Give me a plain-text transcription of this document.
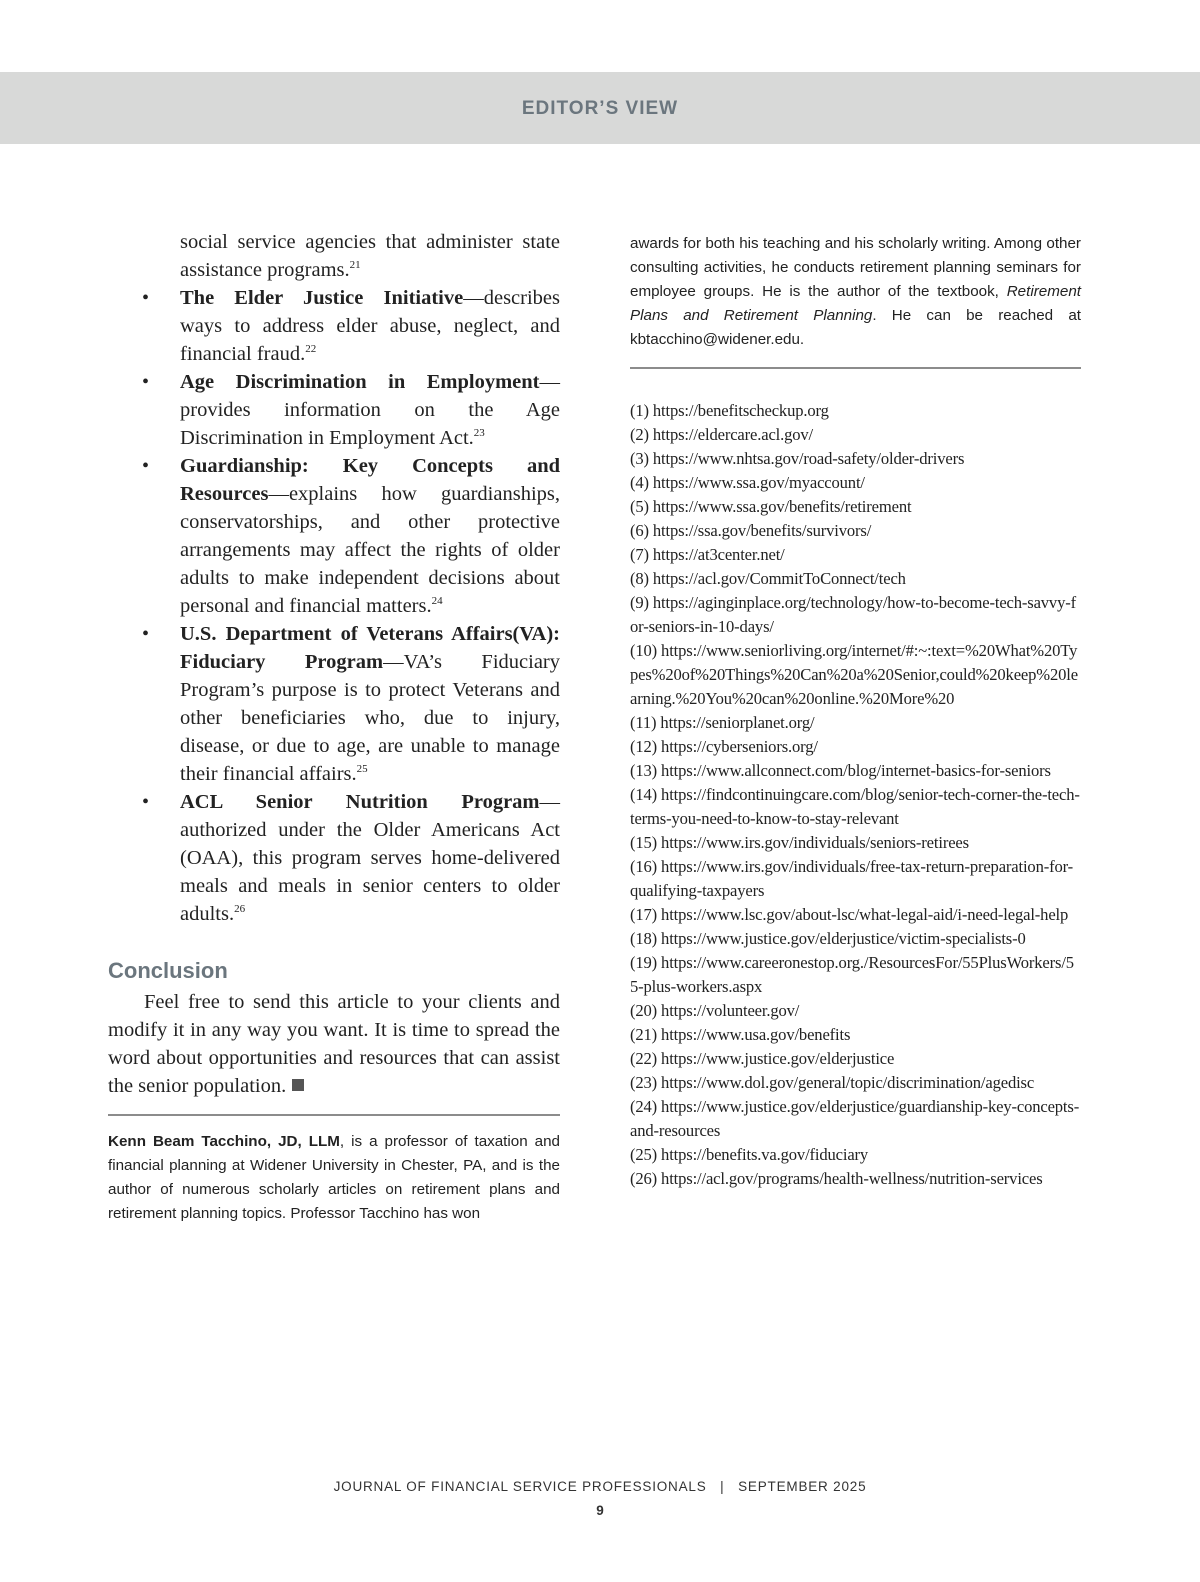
EDITOR’S VIEW
social service agencies that administer state assistance programs.$^{21}$
• The Elder Justice Initiative—describes ways to address elder abuse, neglect, and financial fraud.$^{22}$
• Age Discrimination in Employment—provides information on the Age Discrimination in Employment Act.$^{23}$
• Guardianship: Key Concepts and Resources—explains how guardianships, conservatorships, and other protective arrangements may affect the rights of older adults to make independent decisions about personal and financial matters.$^{24}$
• U.S. Department of Veterans Affairs(VA): Fiduciary Program—VA’s Fiduciary Program’s purpose is to protect Veterans and other beneficiaries who, due to injury, disease, or due to age, are unable to manage their financial affairs.$^{25}$
• ACL Senior Nutrition Program—authorized under the Older Americans Act (OAA), this program serves home-delivered meals and meals in senior centers to older adults.$^{26}$
Conclusion

Feel free to send this article to your clients and modify it in any way you want. It is time to spread the word about opportunities and resources that can assist the senior population.

Kenn Beam Tacchino, JD, LLM, is a professor of taxation and financial planning at Widener University in Chester, PA, and is the author of numerous scholarly articles on retirement plans and retirement planning topics. Professor Tacchino has won

awards for both his teaching and his scholarly writing. Among other consulting activities, he conducts retirement planning seminars for employee groups. He is the author of the textbook, Retirement Plans and Retirement Planning. He can be reached at kbtacchino@widener.edu.

(1) https://benefitscheckup.org
(2) https://eldercare.acl.gov/
(3) https://www.nhtsa.gov/road-safety/older-drivers
(4) https://www.ssa.gov/myaccount/
(5) https://www.ssa.gov/benefits/retirement
(6) https://ssa.gov/benefits/survivors/
(7) https://at3center.net/
(8) https://acl.gov/CommitToConnect/tech
(9) https://aginginplace.org/technology/how-to-become-tech-savvy-for-seniors-in-10-days/
(10) https://www.seniorliving.org/internet/#:~:text=%20What%20Types%20of%20Things%20Can%20a%20Senior,could%20keep%20learning.%20You%20can%20online.%20More%20
(11) https://seniorplanet.org/
(12) https://cyberseniors.org/
(13) https://www.allconnect.com/blog/internet-basics-for-seniors
(14) https://findcontinuingcare.com/blog/senior-tech-corner-the-tech-terms-you-need-to-know-to-stay-relevant
(15) https://www.irs.gov/individuals/seniors-retirees
(16) https://www.irs.gov/individuals/free-tax-return-preparation-for-qualifying-taxpayers
(17) https://www.lsc.gov/about-lsc/what-legal-aid/i-need-legal-help
(18) https://www.justice.gov/elderjustice/victim-specialists-0
(19) https://www.careeronestop.org./ResourcesFor/55PlusWorkers/55-plus-workers.aspx
(20) https://volunteer.gov/
(21) https://www.usa.gov/benefits
(22) https://www.justice.gov/elderjustice
(23) https://www.dol.gov/general/topic/discrimination/agedisc
(24) https://www.justice.gov/elderjustice/guardianship-key-concepts-and-resources
(25) https://benefits.va.gov/fiduciary
(26) https://acl.gov/programs/health-wellness/nutrition-services
JOURNAL OF FINANCIAL SERVICE PROFESSIONALS   |   SEPTEMBER 2025
9
